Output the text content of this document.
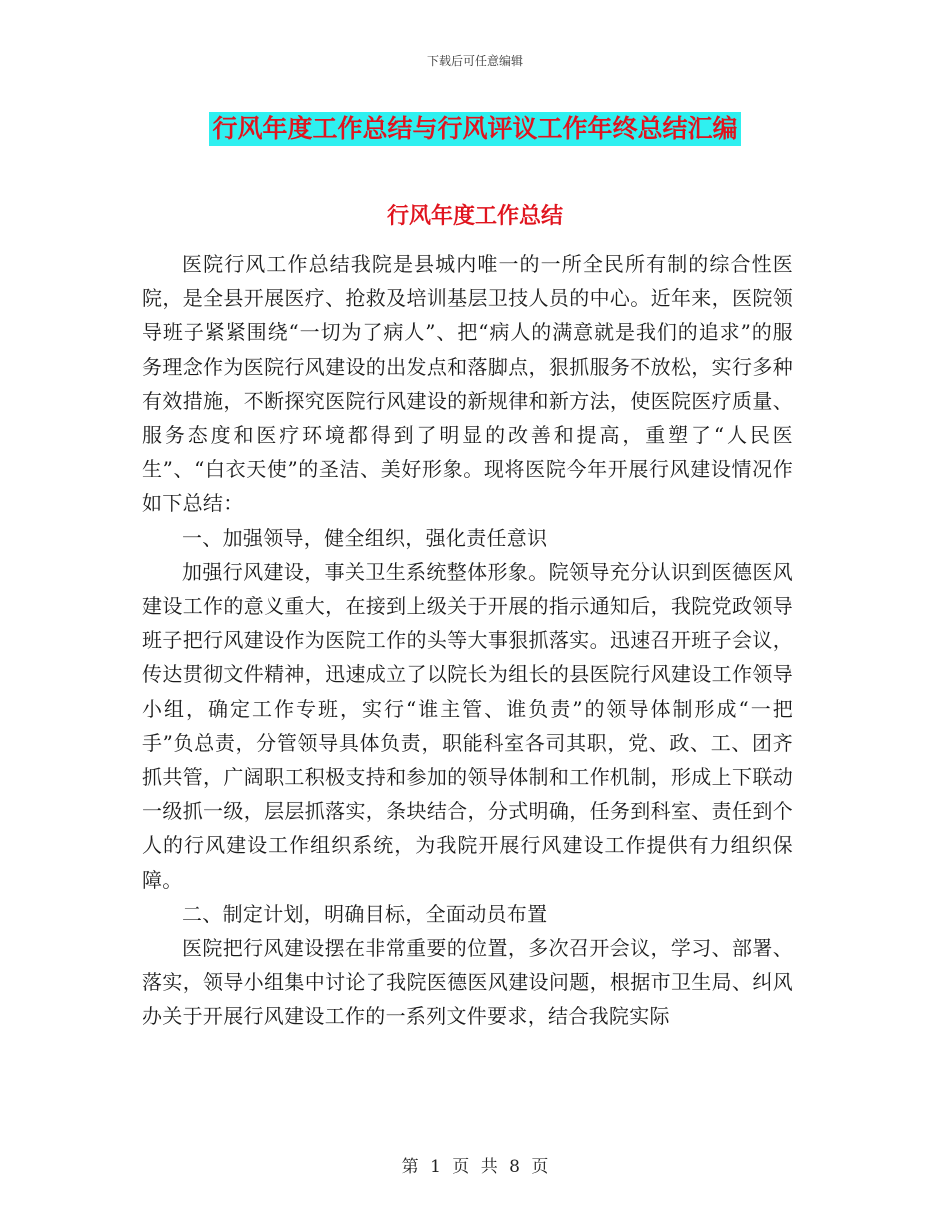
下载后可任意编辑
行风年度工作总结与行风评议工作年终总结汇编
行风年度工作总结

医院行风工作总结我院是县城内唯一的一所全民所有制的综合性医院，是全县开展医疗、抢救及培训基层卫技人员的中心。近年来，医院领导班子紧紧围绕“一切为了病人”、把“病人的满意就是我们的追求”的服务理念作为医院行风建设的出发点和落脚点，狠抓服务不放松，实行多种有效措施，不断探究医院行风建设的新规律和新方法，使医院医疗质量、服务态度和医疗环境都得到了明显的改善和提高，重塑了“人民医生”、“白衣天使”的圣洁、美好形象。现将医院今年开展行风建设情况作如下总结：

一、加强领导，健全组织，强化责任意识

加强行风建设，事关卫生系统整体形象。院领导充分认识到医德医风建设工作的意义重大，在接到上级关于开展的指示通知后，我院党政领导班子把行风建设作为医院工作的头等大事狠抓落实。迅速召开班子会议，传达贯彻文件精神，迅速成立了以院长为组长的县医院行风建设工作领导小组，确定工作专班，实行“谁主管、谁负责”的领导体制形成“一把手”负总责，分管领导具体负责，职能科室各司其职，党、政、工、团齐抓共管，广阔职工积极支持和参加的领导体制和工作机制，形成上下联动一级抓一级，层层抓落实，条块结合，分式明确，任务到科室、责任到个人的行风建设工作组织系统，为我院开展行风建设工作提供有力组织保障。

二、制定计划，明确目标，全面动员布置

医院把行风建设摆在非常重要的位置，多次召开会议，学习、部署、落实，领导小组集中讨论了我院医德医风建设问题，根据市卫生局、纠风办关于开展行风建设工作的一系列文件要求，结合我院实际

第 1 页 共 8 页
